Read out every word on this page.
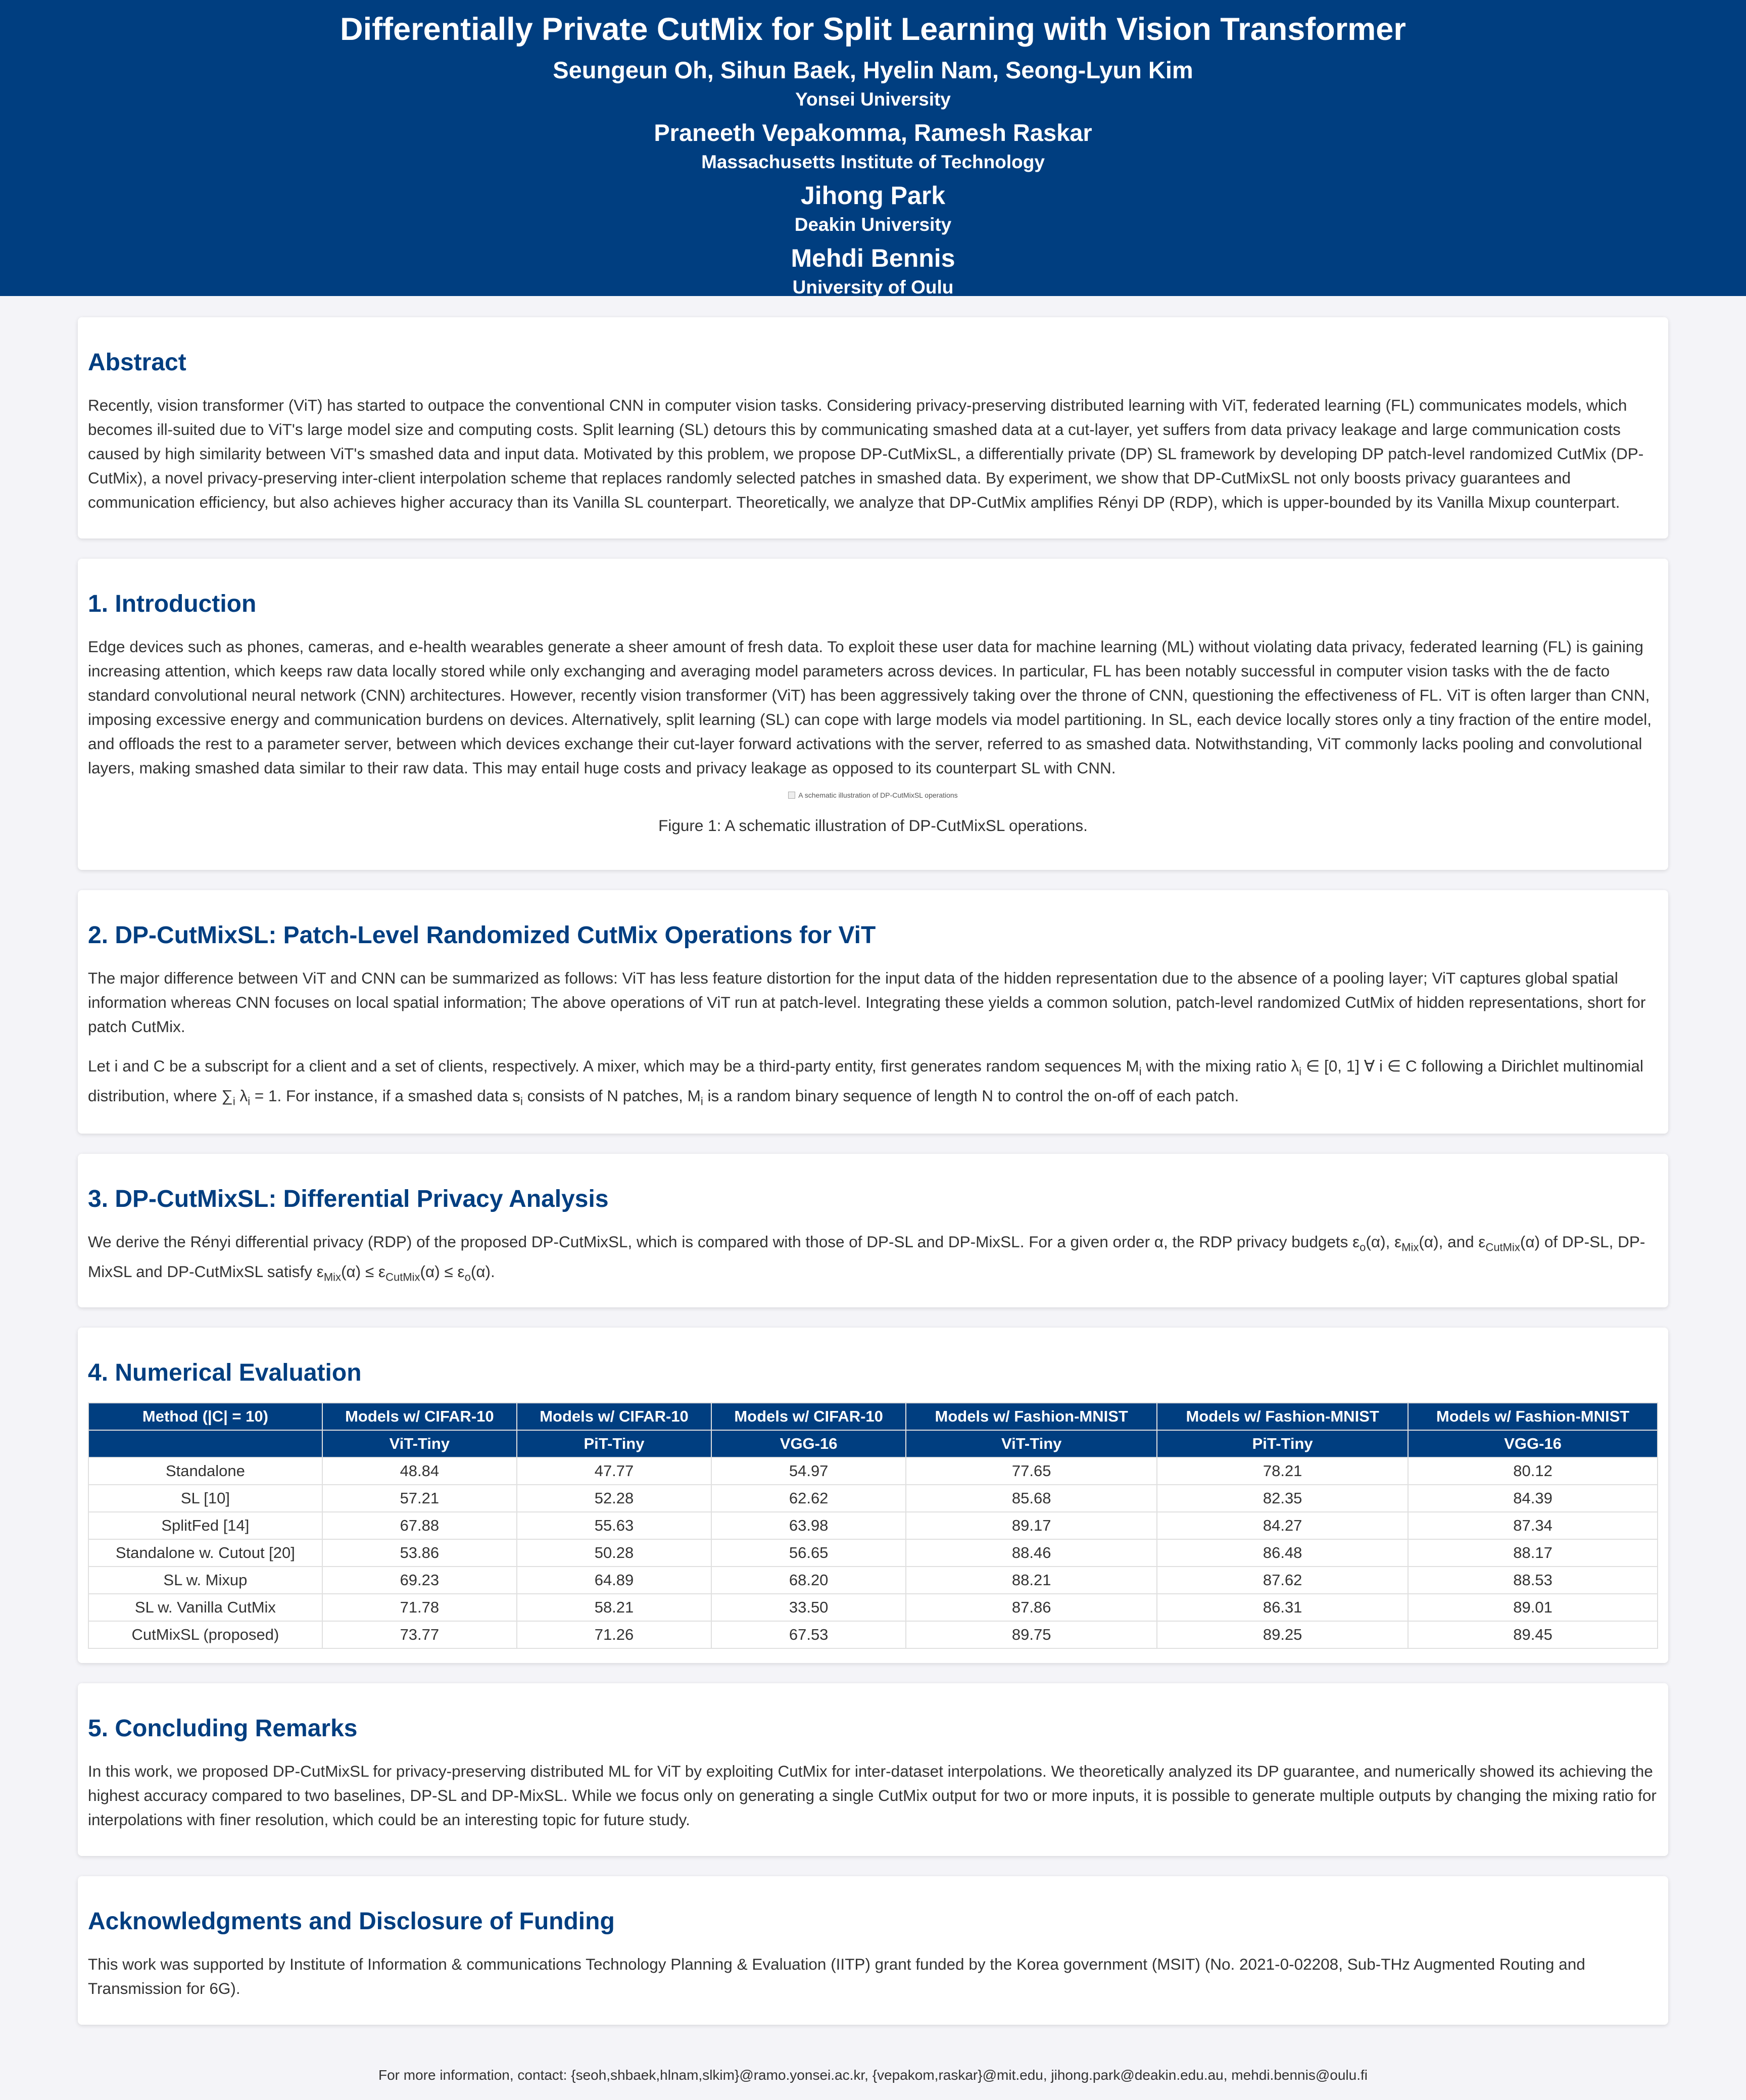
Differentially Private CutMix for Split Learning with Vision Transformer
Seungeun Oh, Sihun Baek, Hyelin Nam, Seong-Lyun Kim
Yonsei University
Praneeth Vepakomma, Ramesh Raskar
Massachusetts Institute of Technology
Jihong Park
Deakin University
Mehdi Bennis
University of Oulu
Abstract

Recently, vision transformer (ViT) has started to outpace the conventional CNN in computer vision tasks. Considering privacy-preserving distributed learning with ViT, federated learning (FL) communicates models, which becomes ill-suited due to ViT's large model size and computing costs. Split learning (SL) detours this by communicating smashed data at a cut-layer, yet suffers from data privacy leakage and large communication costs caused by high similarity between ViT's smashed data and input data. Motivated by this problem, we propose DP-CutMixSL, a differentially private (DP) SL framework by developing DP patch-level randomized CutMix (DP-CutMix), a novel privacy-preserving inter-client interpolation scheme that replaces randomly selected patches in smashed data. By experiment, we show that DP-CutMixSL not only boosts privacy guarantees and communication efficiency, but also achieves higher accuracy than its Vanilla SL counterpart. Theoretically, we analyze that DP-CutMix amplifies Rényi DP (RDP), which is upper-bounded by its Vanilla Mixup counterpart.

1. Introduction

Edge devices such as phones, cameras, and e-health wearables generate a sheer amount of fresh data. To exploit these user data for machine learning (ML) without violating data privacy, federated learning (FL) is gaining increasing attention, which keeps raw data locally stored while only exchanging and averaging model parameters across devices. In particular, FL has been notably successful in computer vision tasks with the de facto standard convolutional neural network (CNN) architectures. However, recently vision transformer (ViT) has been aggressively taking over the throne of CNN, questioning the effectiveness of FL. ViT is often larger than CNN, imposing excessive energy and communication burdens on devices. Alternatively, split learning (SL) can cope with large models via model partitioning. In SL, each device locally stores only a tiny fraction of the entire model, and offloads the rest to a parameter server, between which devices exchange their cut-layer forward activations with the server, referred to as smashed data. Notwithstanding, ViT commonly lacks pooling and convolutional layers, making smashed data similar to their raw data. This may entail huge costs and privacy leakage as opposed to its counterpart SL with CNN.

A schematic illustration of DP-CutMixSL operations
Figure 1: A schematic illustration of DP-CutMixSL operations.
2. DP-CutMixSL: Patch-Level Randomized CutMix Operations for ViT

The major difference between ViT and CNN can be summarized as follows: ViT has less feature distortion for the input data of the hidden representation due to the absence of a pooling layer; ViT captures global spatial information whereas CNN focuses on local spatial information; The above operations of ViT run at patch-level. Integrating these yields a common solution, patch-level randomized CutMix of hidden representations, short for patch CutMix.

Let i and C be a subscript for a client and a set of clients, respectively. A mixer, which may be a third-party entity, first generates random sequences $M_i$ with the mixing ratio $\lambda_i$ ∈ [0, 1] ∀ i ∈ C following a Dirichlet multinomial distribution, where $\sum_i$ $\lambda_i = 1$. For instance, if a smashed data $s_i$ consists of N patches, $M_i$ is a random binary sequence of length N to control the on-off of each patch.

3. DP-CutMixSL: Differential Privacy Analysis

We derive the Rényi differential privacy (RDP) of the proposed DP-CutMixSL, which is compared with those of DP-SL and DP-MixSL. For a given order α, the RDP privacy budgets $\varepsilon_o(\alpha)$, $\varepsilon_{Mix}(\alpha)$, and $\varepsilon_{CutMix}(\alpha)$ of DP-SL, DP-MixSL and DP-CutMixSL satisfy $\varepsilon_{Mix}(\alpha) \le \varepsilon_{CutMix}(\alpha) \le \varepsilon_o(\alpha)$.

4. Numerical Evaluation
Method (|C| = 10)	Models w/ CIFAR-10	Models w/ CIFAR-10	Models w/ CIFAR-10	Models w/ Fashion-MNIST	Models w/ Fashion-MNIST	Models w/ Fashion-MNIST
	ViT-Tiny	PiT-Tiny	VGG-16	ViT-Tiny	PiT-Tiny	VGG-16
Standalone	48.84	47.77	54.97	77.65	78.21	80.12
SL [10]	57.21	52.28	62.62	85.68	82.35	84.39
SplitFed [14]	67.88	55.63	63.98	89.17	84.27	87.34
Standalone w. Cutout [20]	53.86	50.28	56.65	88.46	86.48	88.17
SL w. Mixup	69.23	64.89	68.20	88.21	87.62	88.53
SL w. Vanilla CutMix	71.78	58.21	33.50	87.86	86.31	89.01
CutMixSL (proposed)	73.77	71.26	67.53	89.75	89.25	89.45
5. Concluding Remarks

In this work, we proposed DP-CutMixSL for privacy-preserving distributed ML for ViT by exploiting CutMix for inter-dataset interpolations. We theoretically analyzed its DP guarantee, and numerically showed its achieving the highest accuracy compared to two baselines, DP-SL and DP-MixSL. While we focus only on generating a single CutMix output for two or more inputs, it is possible to generate multiple outputs by changing the mixing ratio for interpolations with finer resolution, which could be an interesting topic for future study.

Acknowledgments and Disclosure of Funding

This work was supported by Institute of Information & communications Technology Planning & Evaluation (IITP) grant funded by the Korea government (MSIT) (No. 2021-0-02208, Sub-THz Augmented Routing and Transmission for 6G).

For more information, contact: {seoh,shbaek,hlnam,slkim}@ramo.yonsei.ac.kr, {vepakom,raskar}@mit.edu, jihong.park@deakin.edu.au, mehdi.bennis@oulu.fi
